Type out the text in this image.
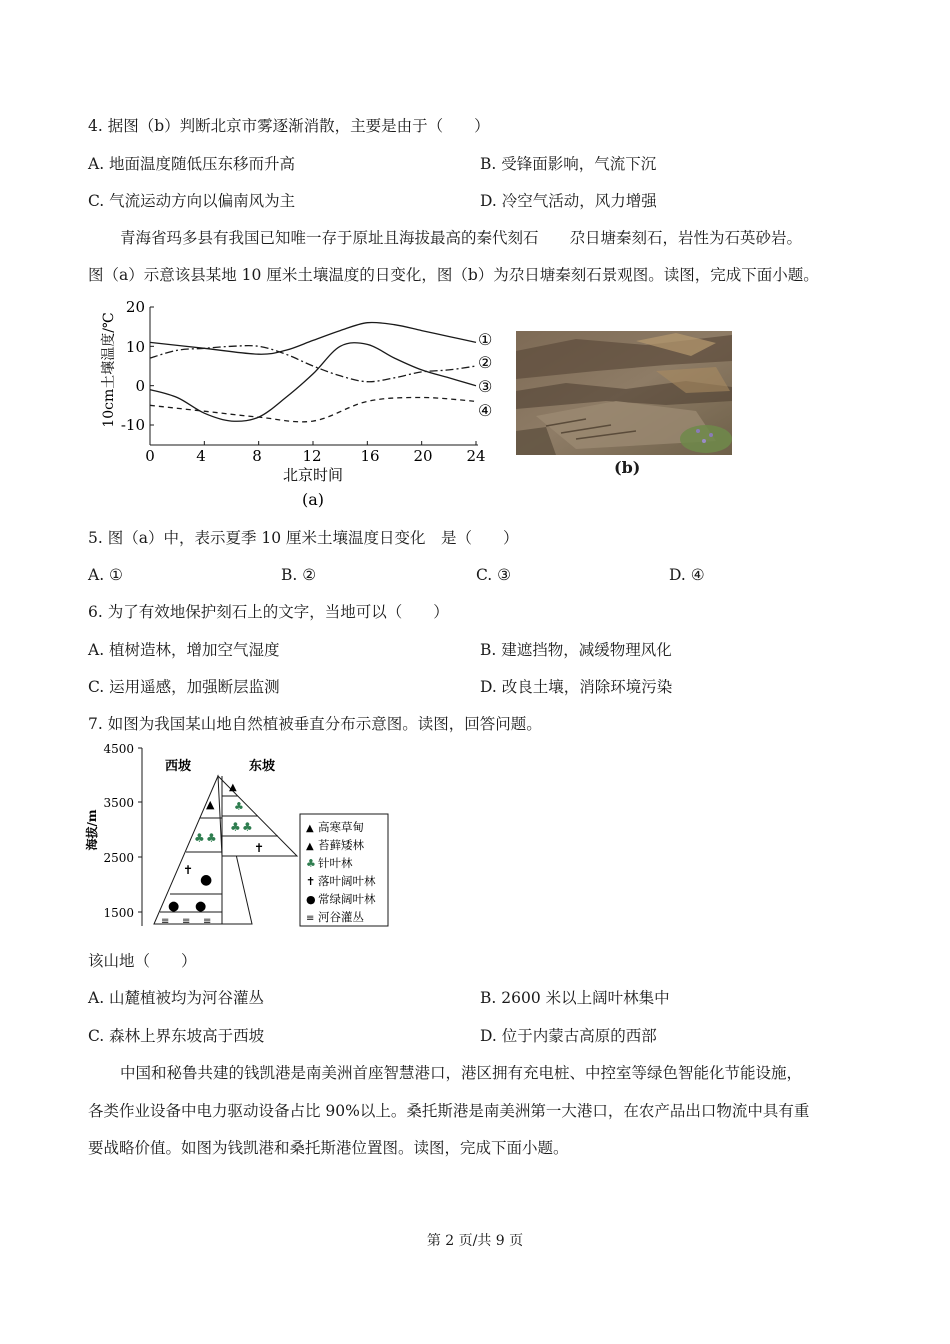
4. 据图（b）判断北京市雾逐渐消散，主要是由于（　　）
A. 地面温度随低压东移而升高	B. 受锋面影响，气流下沉
C. 气流运动方向以偏南风为主	D. 冷空气活动，风力增强
青海省玛多县有我国已知唯一存于原址且海拔最高的秦代刻石　　尕日塘秦刻石，岩性为石英砂岩。
图（a）示意该县某地 10 厘米土壤温度的日变化，图（b）为尕日塘秦刻石景观图。读图，完成下面小题。
20
10
0
-10
0	4	8	12	16 20 24
10cm土壤温度/℃
北京时间
(a)
①
②
③
④
(b)
5. 图（a）中，表示夏季 10 厘米土壤温度日变化　是（　　）
A. ①	B. ②	C. ③	D. ④
6. 为了有效地保护刻石上的文字，当地可以（　　）
A. 植树造林，增加空气湿度	B. 建遮挡物，减缓物理风化
C. 运用遥感，加强断层监测	D. 改良土壤，消除环境污染
7. 如图为我国某山地自然植被垂直分布示意图。读图，回答问题。
4500
3500
2500
1500
海拔/m
西坡	东坡
▲
▲
♣
♣ ♣
♣ ♣
✝
✝
●
● ●
≡ ≡ ≡
▲ 高寒草甸
▲ 苔藓矮林
♣ 针叶林
✝ 落叶阔叶林
● 常绿阔叶林
≡ 河谷灌丛
该山地（　　）
A. 山麓植被均为河谷灌丛	B. 2600 米以上阔叶林集中
C. 森林上界东坡高于西坡	D. 位于内蒙古高原的西部
中国和秘鲁共建的钱凯港是南美洲首座智慧港口，港区拥有充电桩、中控室等绿色智能化节能设施，
各类作业设备中电力驱动设备占比 90%以上。桑托斯港是南美洲第一大港口，在农产品出口物流中具有重
要战略价值。如图为钱凯港和桑托斯港位置图。读图，完成下面小题。
第 2 页/共 9 页
